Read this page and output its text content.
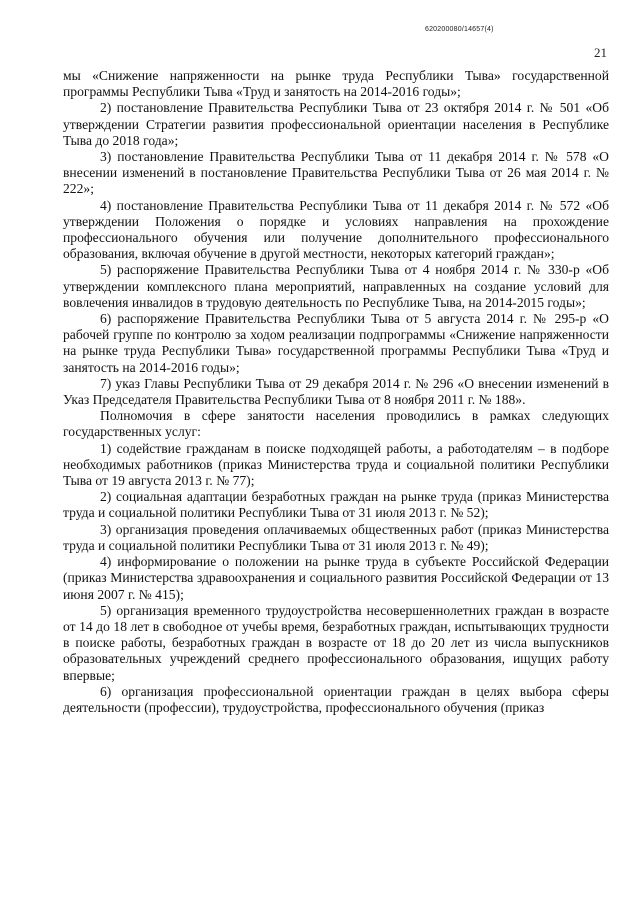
620200080/14657(4)
21

мы «Снижение напряженности на рынке труда Республики Тыва» государственной программы Республики Тыва «Труд и занятость на 2014-2016 годы»;

2) постановление Правительства Республики Тыва от 23 октября 2014 г. № 501 «Об утверждении Стратегии развития профессиональной ориентации населения в Республике Тыва до 2018 года»;

3) постановление Правительства Республики Тыва от 11 декабря 2014 г. № 578 «О внесении изменений в постановление Правительства Республики Тыва от 26 мая 2014 г. № 222»;

4) постановление Правительства Республики Тыва от 11 декабря 2014 г. № 572 «Об утверждении Положения о порядке и условиях направления на прохождение профессионального обучения или получение дополнительного профессионального образования, включая обучение в другой местности, некоторых категорий граждан»;

5) распоряжение Правительства Республики Тыва от 4 ноября 2014 г. № 330-р «Об утверждении комплексного плана мероприятий, направленных на создание условий для вовлечения инвалидов в трудовую деятельность по Республике Тыва, на 2014-2015 годы»;

6) распоряжение Правительства Республики Тыва от 5 августа 2014 г. № 295-р «О рабочей группе по контролю за ходом реализации подпрограммы «Снижение напряженности на рынке труда Республики Тыва» государственной программы Республики Тыва «Труд и занятость на 2014-2016 годы»;

7) указ Главы Республики Тыва от 29 декабря 2014 г. № 296 «О внесении изменений в Указ Председателя Правительства Республики Тыва от 8 ноября 2011 г. № 188».

Полномочия в сфере занятости населения проводились в рамках следующих государственных услуг:

1) содействие гражданам в поиске подходящей работы, а работодателям – в подборе необходимых работников (приказ Министерства труда и социальной политики Республики Тыва от 19 августа 2013 г. № 77);

2) социальная адаптации безработных граждан на рынке труда (приказ Министерства труда и социальной политики Республики Тыва от 31 июля 2013 г. № 52);

3) организация проведения оплачиваемых общественных работ (приказ Министерства труда и социальной политики Республики Тыва от 31 июля 2013 г. № 49);

4) информирование о положении на рынке труда в субъекте Российской Федерации (приказ Министерства здравоохранения и социального развития Российской Федерации от 13 июня 2007 г. № 415);

5) организация временного трудоустройства несовершеннолетних граждан в возрасте от 14 до 18 лет в свободное от учебы время, безработных граждан, испытывающих трудности в поиске работы, безработных граждан в возрасте от 18 до 20 лет из числа выпускников образовательных учреждений среднего профессионального образования, ищущих работу впервые;

6) организация профессиональной ориентации граждан в целях выбора сферы деятельности (профессии), трудоустройства, профессионального обучения (приказ
